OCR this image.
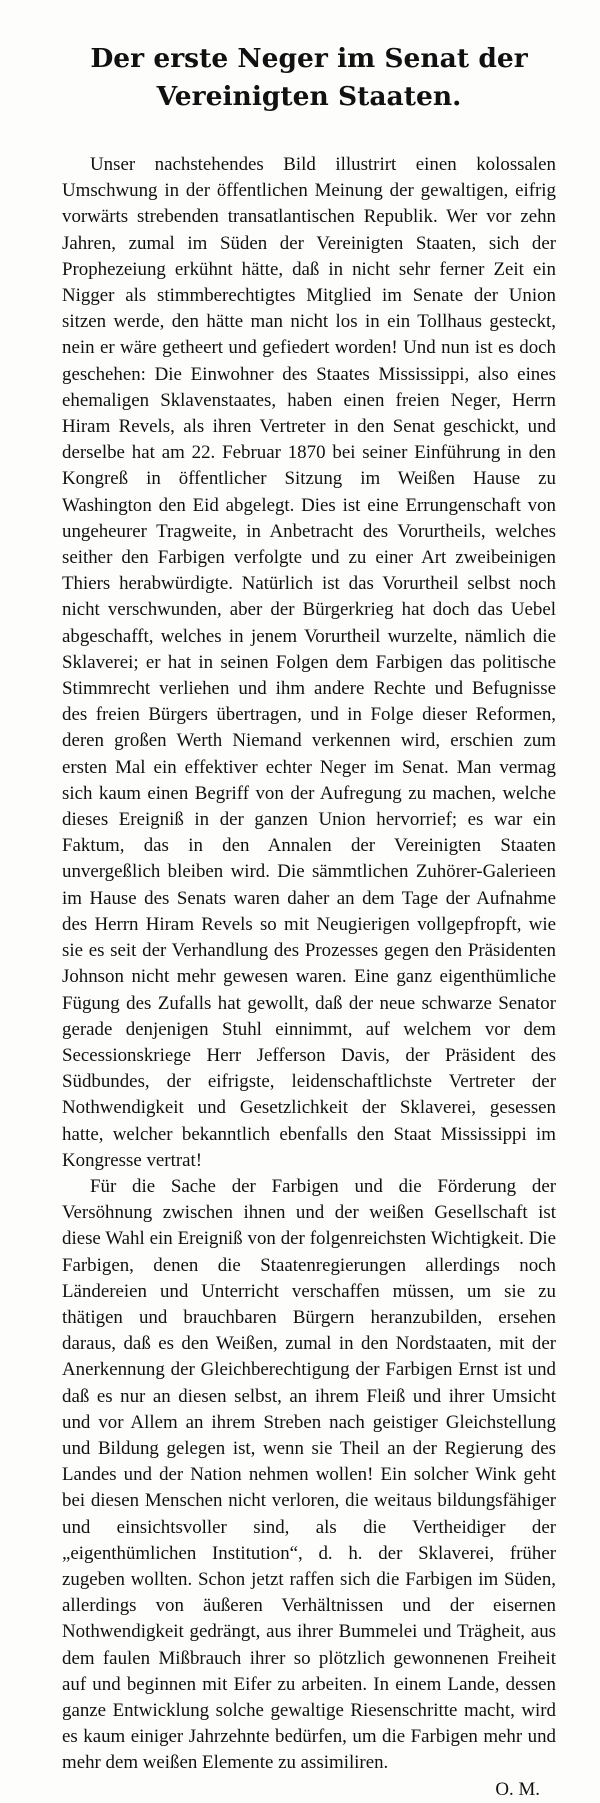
Der erste Neger im Senat der Vereinigten Staaten.

Unser nachstehendes Bild illustrirt einen kolossalen Umschwung in der öffentlichen Meinung der gewaltigen, eifrig vorwärts strebenden transatlantischen Republik. Wer vor zehn Jahren, zumal im Süden der Vereinigten Staaten, sich der Prophezeiung erkühnt hätte, daß in nicht sehr ferner Zeit ein Nigger als stimmberechtigtes Mitglied im Senate der Union sitzen werde, den hätte man nicht los in ein Tollhaus gesteckt, nein er wäre getheert und gefiedert worden! Und nun ist es doch geschehen: Die Einwohner des Staates Mississippi, also eines ehemaligen Sklavenstaates, haben einen freien Neger, Herrn Hiram Revels, als ihren Vertreter in den Senat geschickt, und derselbe hat am 22. Februar 1870 bei seiner Einführung in den Kongreß in öffentlicher Sitzung im Weißen Hause zu Washington den Eid abgelegt. Dies ist eine Errungenschaft von ungeheurer Tragweite, in Anbetracht des Vorurtheils, welches seither den Farbigen verfolgte und zu einer Art zweibeinigen Thiers herabwürdigte. Natürlich ist das Vorurtheil selbst noch nicht verschwunden, aber der Bürgerkrieg hat doch das Uebel abgeschafft, welches in jenem Vorurtheil wurzelte, nämlich die Sklaverei; er hat in seinen Folgen dem Farbigen das politische Stimmrecht verliehen und ihm andere Rechte und Befugnisse des freien Bürgers übertragen, und in Folge dieser Reformen, deren großen Werth Niemand verkennen wird, erschien zum ersten Mal ein effektiver echter Neger im Senat. Man vermag sich kaum einen Begriff von der Aufregung zu machen, welche dieses Ereigniß in der ganzen Union hervorrief; es war ein Faktum, das in den Annalen der Vereinigten Staaten unvergeßlich bleiben wird. Die sämmtlichen Zuhörer-Galerieen im Hause des Senats waren daher an dem Tage der Aufnahme des Herrn Hiram Revels so mit Neugierigen vollgepfropft, wie sie es seit der Verhandlung des Prozesses gegen den Präsidenten Johnson nicht mehr gewesen waren. Eine ganz eigenthümliche Fügung des Zufalls hat gewollt, daß der neue schwarze Senator gerade denjenigen Stuhl einnimmt, auf welchem vor dem Secessionskriege Herr Jefferson Davis, der Präsident des Südbundes, der eifrigste, leidenschaftlichste Vertreter der Nothwendigkeit und Gesetzlichkeit der Sklaverei, gesessen hatte, welcher bekanntlich ebenfalls den Staat Mississippi im Kongresse vertrat!

Für die Sache der Farbigen und die Förderung der Versöhnung zwischen ihnen und der weißen Gesellschaft ist diese Wahl ein Ereigniß von der folgenreichsten Wichtigkeit. Die Farbigen, denen die Staatenregierungen allerdings noch Ländereien und Unterricht verschaffen müssen, um sie zu thätigen und brauchbaren Bürgern heranzubilden, ersehen daraus, daß es den Weißen, zumal in den Nordstaaten, mit der Anerkennung der Gleichberechtigung der Farbigen Ernst ist und daß es nur an diesen selbst, an ihrem Fleiß und ihrer Umsicht und vor Allem an ihrem Streben nach geistiger Gleichstellung und Bildung gelegen ist, wenn sie Theil an der Regierung des Landes und der Nation nehmen wollen! Ein solcher Wink geht bei diesen Menschen nicht verloren, die weitaus bildungsfähiger und einsichtsvoller sind, als die Vertheidiger der „eigenthümlichen Institution“, d. h. der Sklaverei, früher zugeben wollten. Schon jetzt raffen sich die Farbigen im Süden, allerdings von äußeren Verhältnissen und der eisernen Nothwendigkeit gedrängt, aus ihrer Bummelei und Trägheit, aus dem faulen Mißbrauch ihrer so plötzlich gewonnenen Freiheit auf und beginnen mit Eifer zu arbeiten. In einem Lande, dessen ganze Entwicklung solche gewaltige Riesenschritte macht, wird es kaum einiger Jahrzehnte bedürfen, um die Farbigen mehr und mehr dem weißen Elemente zu assimiliren.

O. M.
